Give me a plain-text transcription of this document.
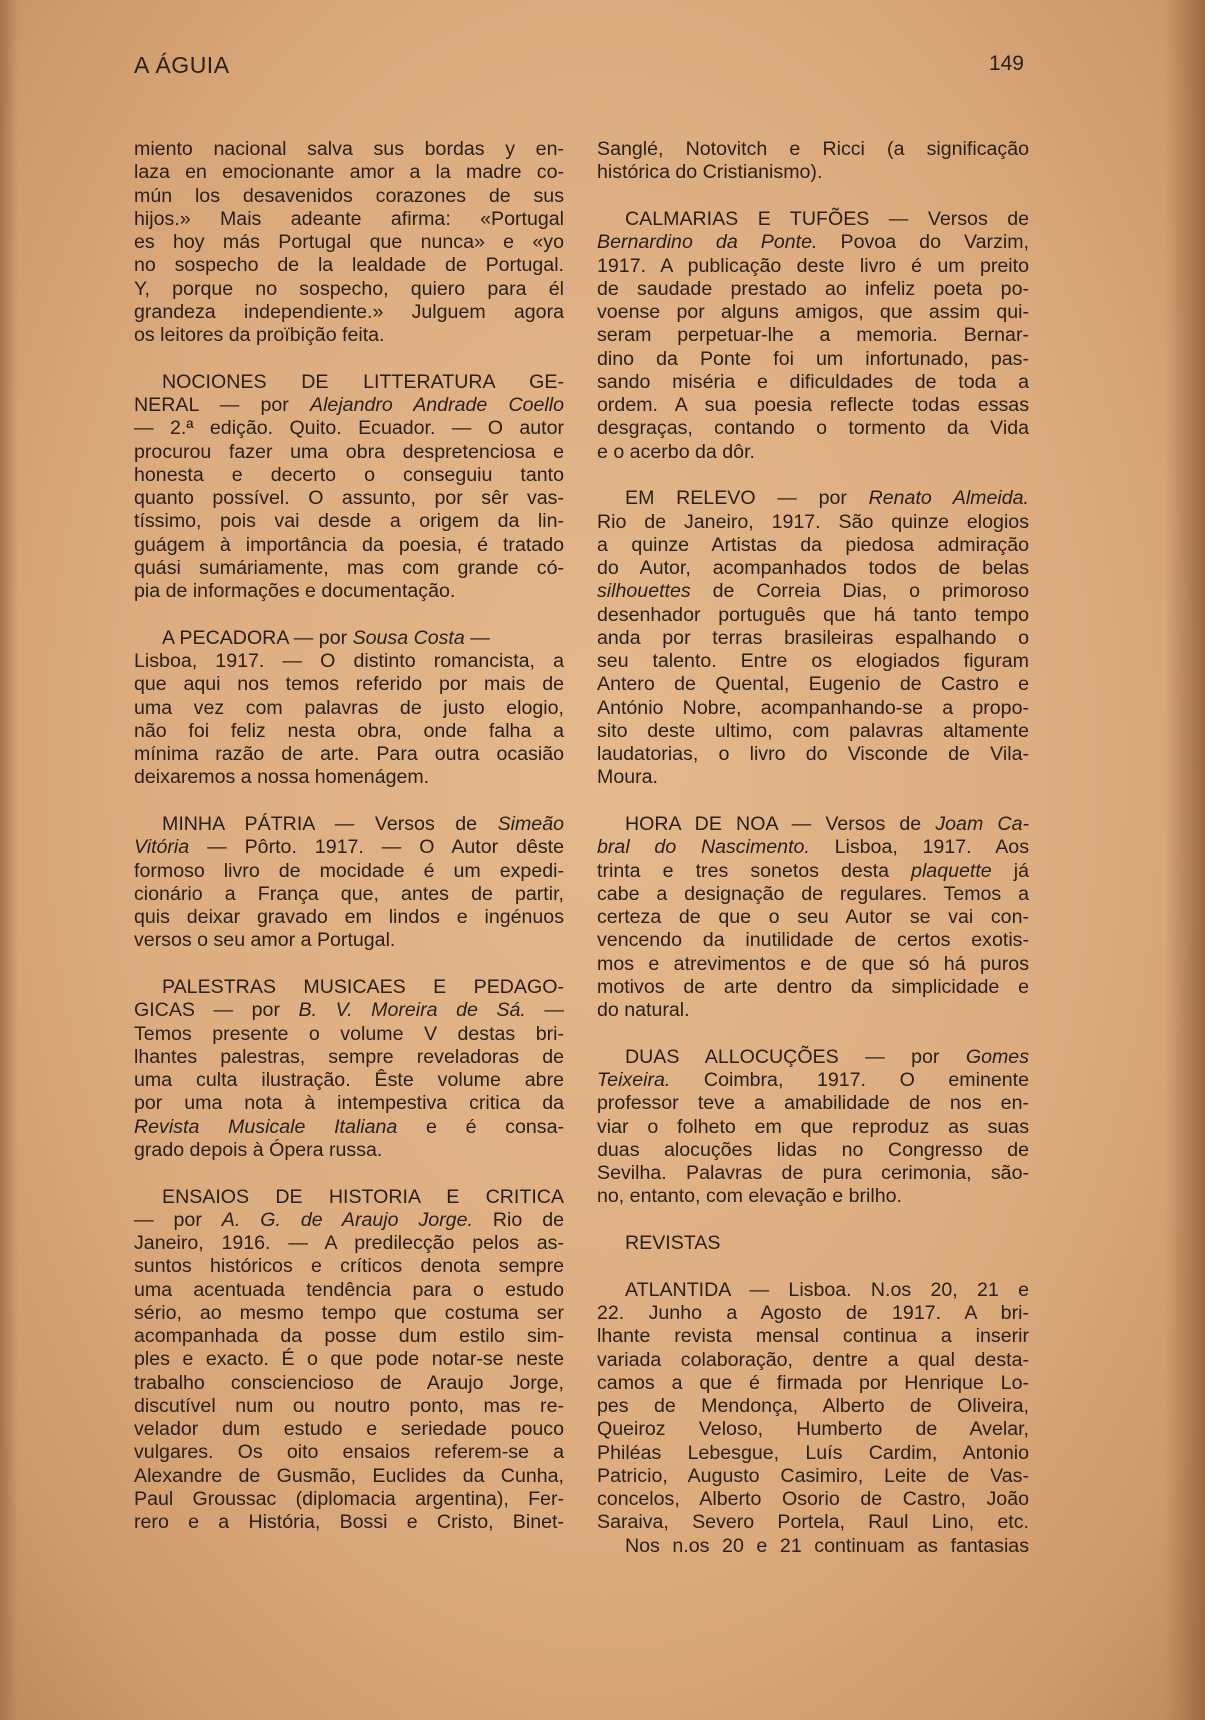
A ÁGUIA	149
miento nacional salva sus bordas y en-
laza en emocionante amor a la madre co-
mún los desavenidos corazones de sus
hijos.» Mais adeante afirma: «Portugal
es hoy más Portugal que nunca» e «yo
no sospecho de la lealdade de Portugal.
Y, porque no sospecho, quiero para él
grandeza independiente.» Julguem agora
os leitores da proïbição feita.
NOCIONES DE LITTERATURA GE-
NERAL — por Alejandro Andrade Coello
— 2.ª edição. Quito. Ecuador. — O autor
procurou fazer uma obra despretenciosa e
honesta e decerto o conseguiu tanto
quanto possível. O assunto, por sêr vas-
tíssimo, pois vai desde a origem da lin-
guágem à importância da poesia, é tratado
quási sumáriamente, mas com grande có-
pia de informações e documentação.
A PECADORA — por Sousa Costa —
Lisboa, 1917. — O distinto romancista, a
que aqui nos temos referido por mais de
uma vez com palavras de justo elogio,
não foi feliz nesta obra, onde falha a
mínima razão de arte. Para outra ocasião
deixaremos a nossa homenágem.
MINHA PÁTRIA — Versos de Simeão
Vitória — Pôrto. 1917. — O Autor dêste
formoso livro de mocidade é um expedi-
cionário a França que, antes de partir,
quis deixar gravado em lindos e ingénuos
versos o seu amor a Portugal.
PALESTRAS MUSICAES E PEDAGO-
GICAS — por B. V. Moreira de Sá. —
Temos presente o volume V destas bri-
lhantes palestras, sempre reveladoras de
uma culta ilustração. Êste volume abre
por uma nota à intempestiva critica da
Revista Musicale Italiana e é consa-
grado depois à Ópera russa.
ENSAIOS DE HISTORIA E CRITICA
— por A. G. de Araujo Jorge. Rio de
Janeiro, 1916. — A predilecção pelos as-
suntos históricos e críticos denota sempre
uma acentuada tendência para o estudo
sério, ao mesmo tempo que costuma ser
acompanhada da posse dum estilo sim-
ples e exacto. É o que pode notar-se neste
trabalho consciencioso de Araujo Jorge,
discutível num ou noutro ponto, mas re-
velador dum estudo e seriedade pouco
vulgares. Os oito ensaios referem-se a
Alexandre de Gusmão, Euclides da Cunha,
Paul Groussac (diplomacia argentina), Fer-
rero e a História, Bossi e Cristo, Binet-
Sanglé, Notovitch e Ricci (a significação
histórica do Cristianismo).
CALMARIAS E TUFÕES — Versos de
Bernardino da Ponte. Povoa do Varzim,
1917. A publicação deste livro é um preito
de saudade prestado ao infeliz poeta po-
voense por alguns amigos, que assim qui-
seram perpetuar-lhe a memoria. Bernar-
dino da Ponte foi um infortunado, pas-
sando miséria e dificuldades de toda a
ordem. A sua poesia reflecte todas essas
desgraças, contando o tormento da Vida
e o acerbo da dôr.
EM RELEVO — por Renato Almeida.
Rio de Janeiro, 1917. São quinze elogios
a quinze Artistas da piedosa admiração
do Autor, acompanhados todos de belas
silhouettes de Correia Dias, o primoroso
desenhador português que há tanto tempo
anda por terras brasileiras espalhando o
seu talento. Entre os elogiados figuram
Antero de Quental, Eugenio de Castro e
António Nobre, acompanhando-se a propo-
sito deste ultimo, com palavras altamente
laudatorias, o livro do Visconde de Vila-
Moura.
HORA DE NOA — Versos de Joam Ca-
bral do Nascimento. Lisboa, 1917. Aos
trinta e tres sonetos desta plaquette já
cabe a designação de regulares. Temos a
certeza de que o seu Autor se vai con-
vencendo da inutilidade de certos exotis-
mos e atrevimentos e de que só há puros
motivos de arte dentro da simplicidade e
do natural.
DUAS ALLOCUÇÕES — por Gomes
Teixeira. Coimbra, 1917. O eminente
professor teve a amabilidade de nos en-
viar o folheto em que reproduz as suas
duas alocuções lidas no Congresso de
Sevilha. Palavras de pura cerimonia, são-
no, entanto, com elevação e brilho.
REVISTAS
ATLANTIDA — Lisboa. N.os 20, 21 e
22. Junho a Agosto de 1917. A bri-
lhante revista mensal continua a inserir
variada colaboração, dentre a qual desta-
camos a que é firmada por Henrique Lo-
pes de Mendonça, Alberto de Oliveira,
Queiroz Veloso, Humberto de Avelar,
Philéas Lebesgue, Luís Cardim, Antonio
Patricio, Augusto Casimiro, Leite de Vas-
concelos, Alberto Osorio de Castro, João
Saraiva, Severo Portela, Raul Lino, etc.
Nos n.os 20 e 21 continuam as fantasias
